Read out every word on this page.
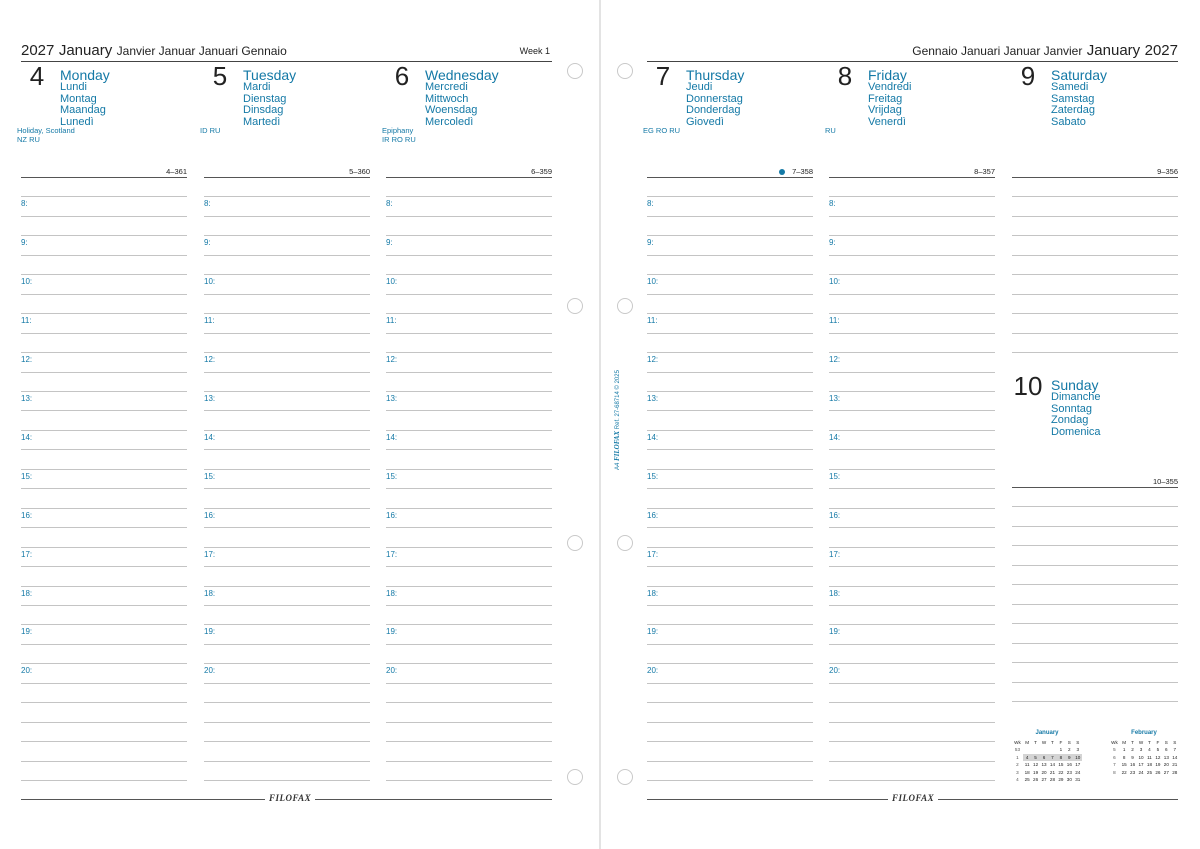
2027
January
Janvier Januar Januari Gennaio	Week 1
4	Monday
Lundi
Montag
Maandag
Lunedì
Holiday, Scotland
NZ RU
4–361
8:
9:
10:
11:
12:
13:
14:
15:
16:
17:
18:
19:
20:
5	Tuesday
Mardi
Dienstag
Dinsdag
Martedì
ID RU
5–360
8:
9:
10:
11:
12:
13:
14:
15:
16:
17:
18:
19:
20:
6	Wednesday
Mercredi
Mittwoch
Woensdag
Mercoledì
Epiphany
IR RO RU
6–359
8:
9:
10:
11:
12:
13:
14:
15:
16:
17:
18:
19:
20:
FILOFAX
Gennaio Januari Januar Janvier
January
2027
FILOFAX
7	Thursday
Jeudi
Donnerstag
Donderdag
Giovedì
EG RO RU
7–358
8:
9:
10:
11:
12:
13:
14:
15:
16:
17:
18:
19:
20:
8	Friday
Vendredi
Freitag
Vrijdag
Venerdì
RU
8–357
8:
9:
10:
11:
12:
13:
14:
15:
16:
17:
18:
19:
20:
9	Saturday
Samedi
Samstag
Zaterdag
Sabato
9–356
10 Sunday
Dimanche
Sonntag
Zondag
Domenica
10–355
A4 FILOFAX Ref. 27-68714 © 2025
January
Wk	M	T	W	T	F	S	S
53					1	2	3
1	4	5	6	7	8	9	10
2	11	12	13	14	15	16	17
3	18	19	20	21	22	23	24
4	25	26	27	28	29	30	31
February
Wk	M	T	W	T	F	S	S
5	1	2	3	4	5	6	7
6	8	9	10	11	12	13	14
7	15	16	17	18	19	20	21
8	22	23	24	25	26	27	28
